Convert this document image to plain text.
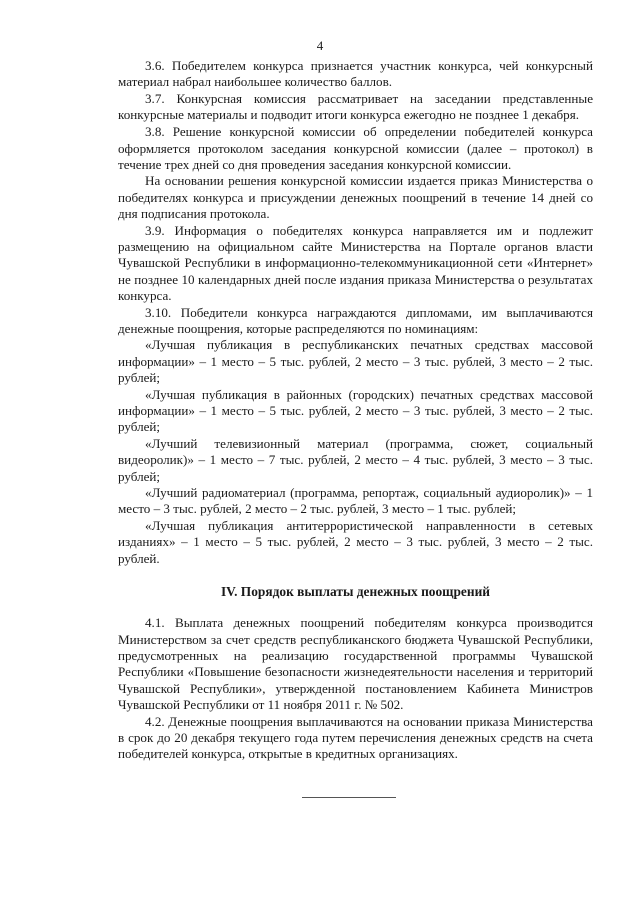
4

3.6. Победителем конкурса признается участник конкурса, чей конкурсный материал набрал наибольшее количество баллов.

3.7. Конкурсная комиссия рассматривает на заседании представленные конкурсные материалы и подводит итоги конкурса ежегодно не позднее 1 декабря.

3.8. Решение конкурсной комиссии об определении победителей конкурса оформляется протоколом заседания конкурсной комиссии (далее – протокол) в течение трех дней со дня проведения заседания конкурсной комиссии.

На основании решения конкурсной комиссии издается приказ Министерства о победителях конкурса и присуждении денежных поощрений в течение 14 дней со дня подписания протокола.

3.9. Информация о победителях конкурса направляется им и подлежит размещению на официальном сайте Министерства на Портале органов власти Чувашской Республики в информационно-телекоммуникационной сети «Интернет» не позднее 10 календарных дней после издания приказа Министерства о результатах конкурса.

3.10. Победители конкурса награждаются дипломами, им выплачиваются денежные поощрения, которые распределяются по номинациям:

«Лучшая публикация в республиканских печатных средствах массовой информации» – 1 место – 5 тыс. рублей, 2 место – 3 тыс. рублей, 3 место – 2 тыс. рублей;

«Лучшая публикация в районных (городских) печатных средствах массовой информации» – 1 место – 5 тыс. рублей, 2 место – 3 тыс. рублей, 3 место – 2 тыс. рублей;

«Лучший телевизионный материал (программа, сюжет, социальный видеоролик)» – 1 место – 7 тыс. рублей, 2 место – 4 тыс. рублей, 3 место – 3 тыс. рублей;

«Лучший радиоматериал (программа, репортаж, социальный аудиоролик)» – 1 место – 3 тыс. рублей, 2 место – 2 тыс. рублей, 3 место – 1 тыс. рублей;

«Лучшая публикация антитеррористической направленности в сетевых изданиях» – 1 место – 5 тыс. рублей, 2 место – 3 тыс. рублей, 3 место – 2 тыс. рублей.

IV. Порядок выплаты денежных поощрений

4.1. Выплата денежных поощрений победителям конкурса производится Министерством за счет средств республиканского бюджета Чувашской Республики, предусмотренных на реализацию государственной программы Чувашской Республики «Повышение безопасности жизнедеятельности населения и территорий Чувашской Республики», утвержденной постановлением Кабинета Министров Чувашской Республики от 11 ноября 2011 г. № 502.

4.2. Денежные поощрения выплачиваются на основании приказа Министерства в срок до 20 декабря текущего года путем перечисления денежных средств на счета победителей конкурса, открытые в кредитных организациях.
